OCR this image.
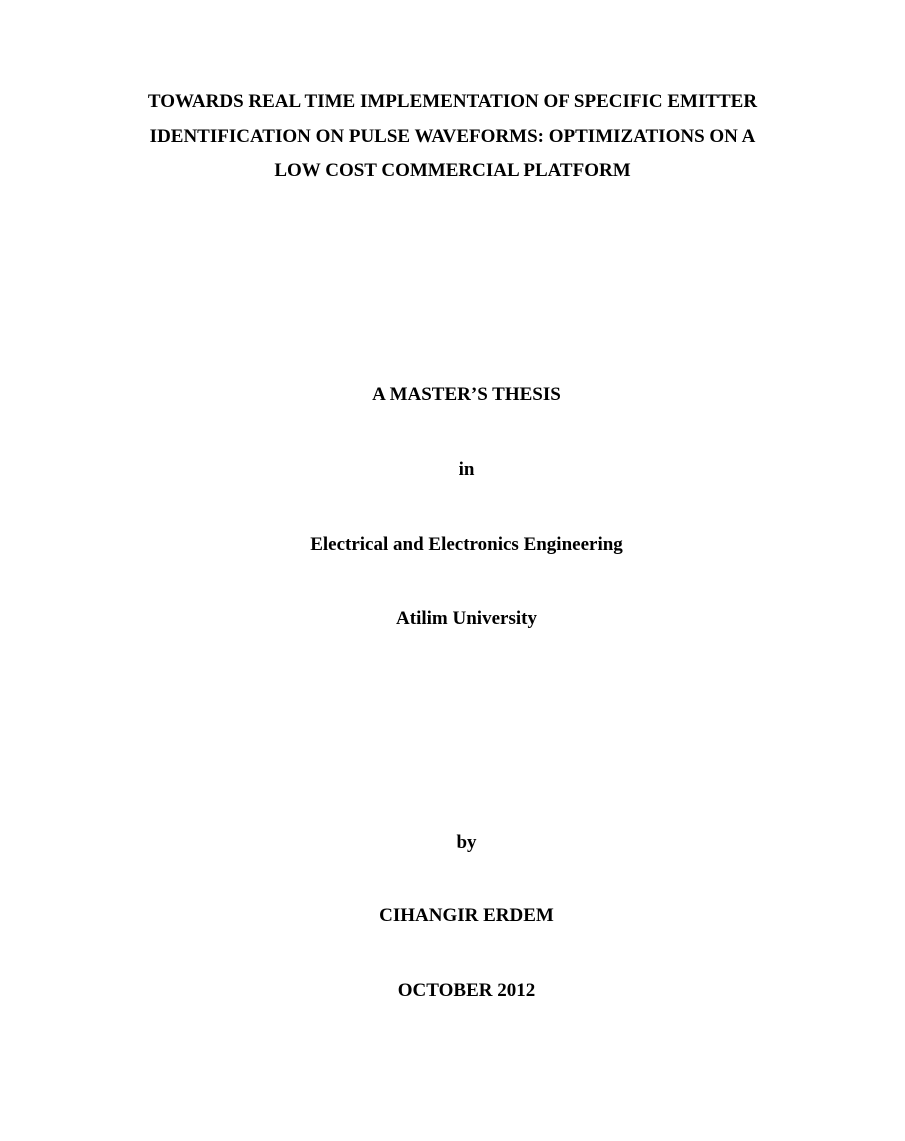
TOWARDS REAL TIME IMPLEMENTATION OF SPECIFIC EMITTER
IDENTIFICATION ON PULSE WAVEFORMS: OPTIMIZATIONS ON A
LOW COST COMMERCIAL PLATFORM
A MASTER’S THESIS
in
Electrical and Electronics Engineering
Atilim University
by
CIHANGIR ERDEM
OCTOBER 2012
